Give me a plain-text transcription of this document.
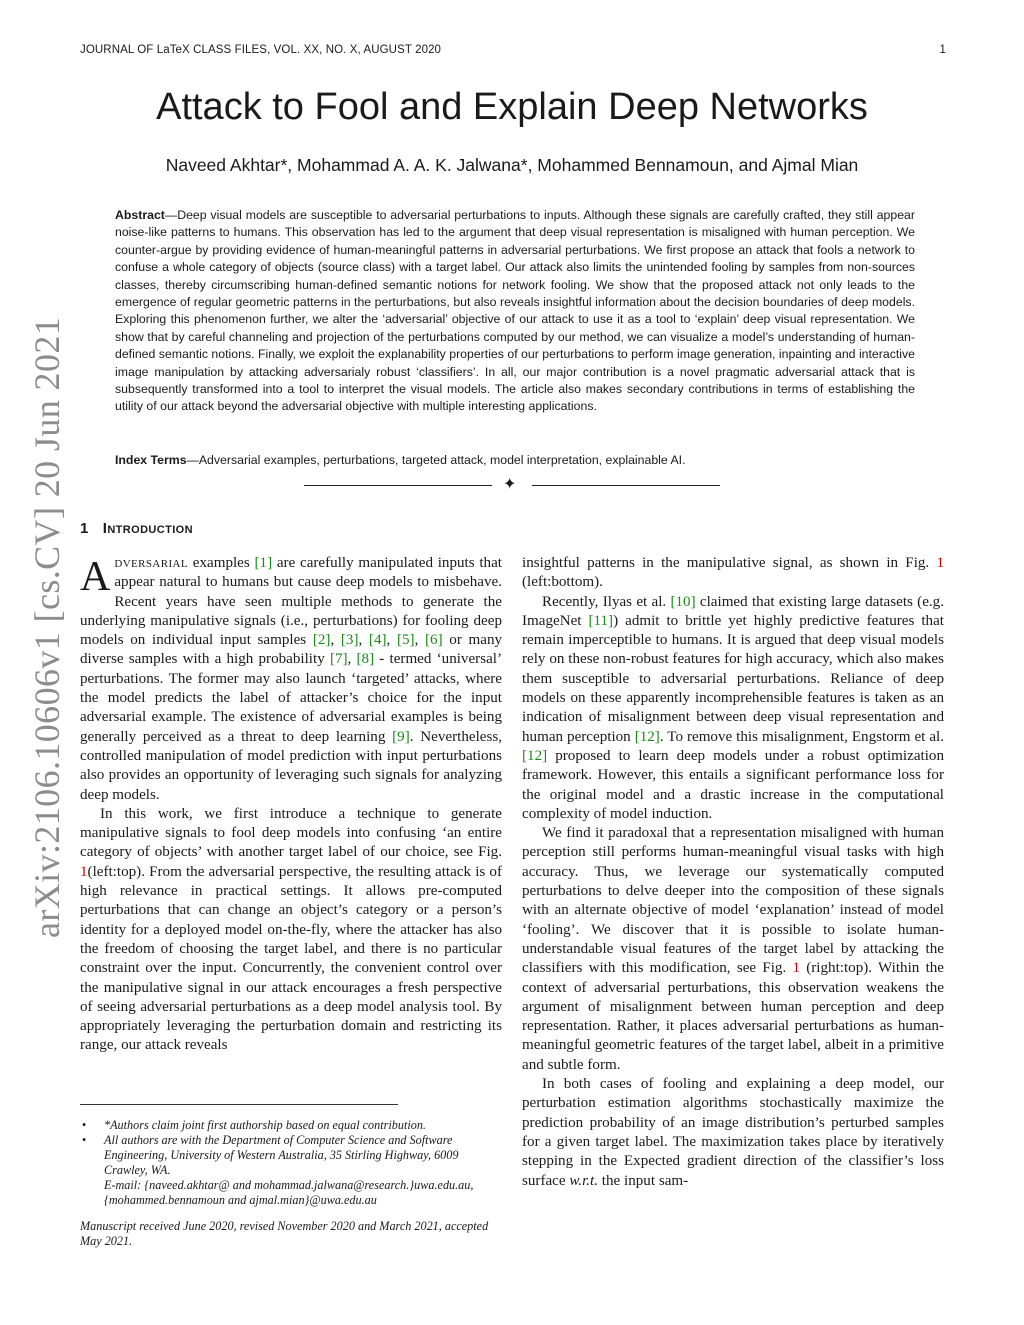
JOURNAL OF LaTeX CLASS FILES, VOL. XX, NO. X, AUGUST 2020	1
arXiv:2106.10606v1 [cs.CV] 20 Jun 2021
Attack to Fool and Explain Deep Networks
Naveed Akhtar*, Mohammad A. A. K. Jalwana*, Mohammed Bennamoun, and Ajmal Mian
Abstract—Deep visual models are susceptible to adversarial perturbations to inputs. Although these signals are carefully crafted, they still appear noise-like patterns to humans. This observation has led to the argument that deep visual representation is misaligned with human perception. We counter-argue by providing evidence of human-meaningful patterns in adversarial perturbations. We first propose an attack that fools a network to confuse a whole category of objects (source class) with a target label. Our attack also limits the unintended fooling by samples from non-sources classes, thereby circumscribing human-defined semantic notions for network fooling. We show that the proposed attack not only leads to the emergence of regular geometric patterns in the perturbations, but also reveals insightful information about the decision boundaries of deep models. Exploring this phenomenon further, we alter the ‘adversarial’ objective of our attack to use it as a tool to ‘explain’ deep visual representation. We show that by careful channeling and projection of the perturbations computed by our method, we can visualize a model’s understanding of human-defined semantic notions. Finally, we exploit the explanability properties of our perturbations to perform image generation, inpainting and interactive image manipulation by attacking adversarialy robust ‘classifiers’. In all, our major contribution is a novel pragmatic adversarial attack that is subsequently transformed into a tool to interpret the visual models. The article also makes secondary contributions in terms of establishing the utility of our attack beyond the adversarial objective with multiple interesting applications.
Index Terms—Adversarial examples, perturbations, targeted attack, model interpretation, explainable AI.
✦
1 Introduction

Adversarial examples [1] are carefully manipulated inputs that appear natural to humans but cause deep models to misbehave. Recent years have seen multiple methods to generate the underlying manipulative signals (i.e., perturbations) for fooling deep models on individual input samples [2], [3], [4], [5], [6] or many diverse samples with a high probability [7], [8] - termed ‘universal’ perturbations. The former may also launch ‘targeted’ attacks, where the model predicts the label of attacker’s choice for the input adversarial example. The existence of adversarial examples is being generally perceived as a threat to deep learning [9]. Nevertheless, controlled manipulation of model prediction with input perturbations also provides an opportunity of leveraging such signals for analyzing deep models.

In this work, we first introduce a technique to generate manipulative signals to fool deep models into confusing ‘an entire category of objects’ with another target label of our choice, see Fig. 1(left:top). From the adversarial perspective, the resulting attack is of high relevance in practical settings. It allows pre-computed perturbations that can change an object’s category or a person’s identity for a deployed model on-the-fly, where the attacker has also the freedom of choosing the target label, and there is no particular constraint over the input. Concurrently, the convenient control over the manipulative signal in our attack encourages a fresh perspective of seeing adversarial perturbations as a deep model analysis tool. By appropriately leveraging the perturbation domain and restricting its range, our attack reveals

insightful patterns in the manipulative signal, as shown in Fig. 1 (left:bottom).

Recently, Ilyas et al. [10] claimed that existing large datasets (e.g. ImageNet [11]) admit to brittle yet highly predictive features that remain imperceptible to humans. It is argued that deep visual models rely on these non-robust features for high accuracy, which also makes them susceptible to adversarial perturbations. Reliance of deep models on these apparently incomprehensible features is taken as an indication of misalignment between deep visual representation and human perception [12]. To remove this misalignment, Engstorm et al. [12] proposed to learn deep models under a robust optimization framework. However, this entails a significant performance loss for the original model and a drastic increase in the computational complexity of model induction.

We find it paradoxal that a representation misaligned with human perception still performs human-meaningful visual tasks with high accuracy. Thus, we leverage our systematically computed perturbations to delve deeper into the composition of these signals with an alternate objective of model ‘explanation’ instead of model ‘fooling’. We discover that it is possible to isolate human-understandable visual features of the target label by attacking the classifiers with this modification, see Fig. 1 (right:top). Within the context of adversarial perturbations, this observation weakens the argument of misalignment between human perception and deep representation. Rather, it places adversarial perturbations as human-meaningful geometric features of the target label, albeit in a primitive and subtle form.

In both cases of fooling and explaining a deep model, our perturbation estimation algorithms stochastically maximize the prediction probability of an image distribution’s perturbed samples for a given target label. The maximization takes place by iteratively stepping in the Expected gradient direction of the classifier’s loss surface w.r.t. the input sam-

• *Authors claim joint first authorship based on equal contribution.
• All authors are with the Department of Computer Science and Software Engineering, University of Western Australia, 35 Stirling Highway, 6009 Crawley, WA.
E-mail: {naveed.akhtar@ and mohammad.jalwana@research.}uwa.edu.au, {mohammed.bennamoun and ajmal.mian}@uwa.edu.au
Manuscript received June 2020, revised November 2020 and March 2021, accepted May 2021.
